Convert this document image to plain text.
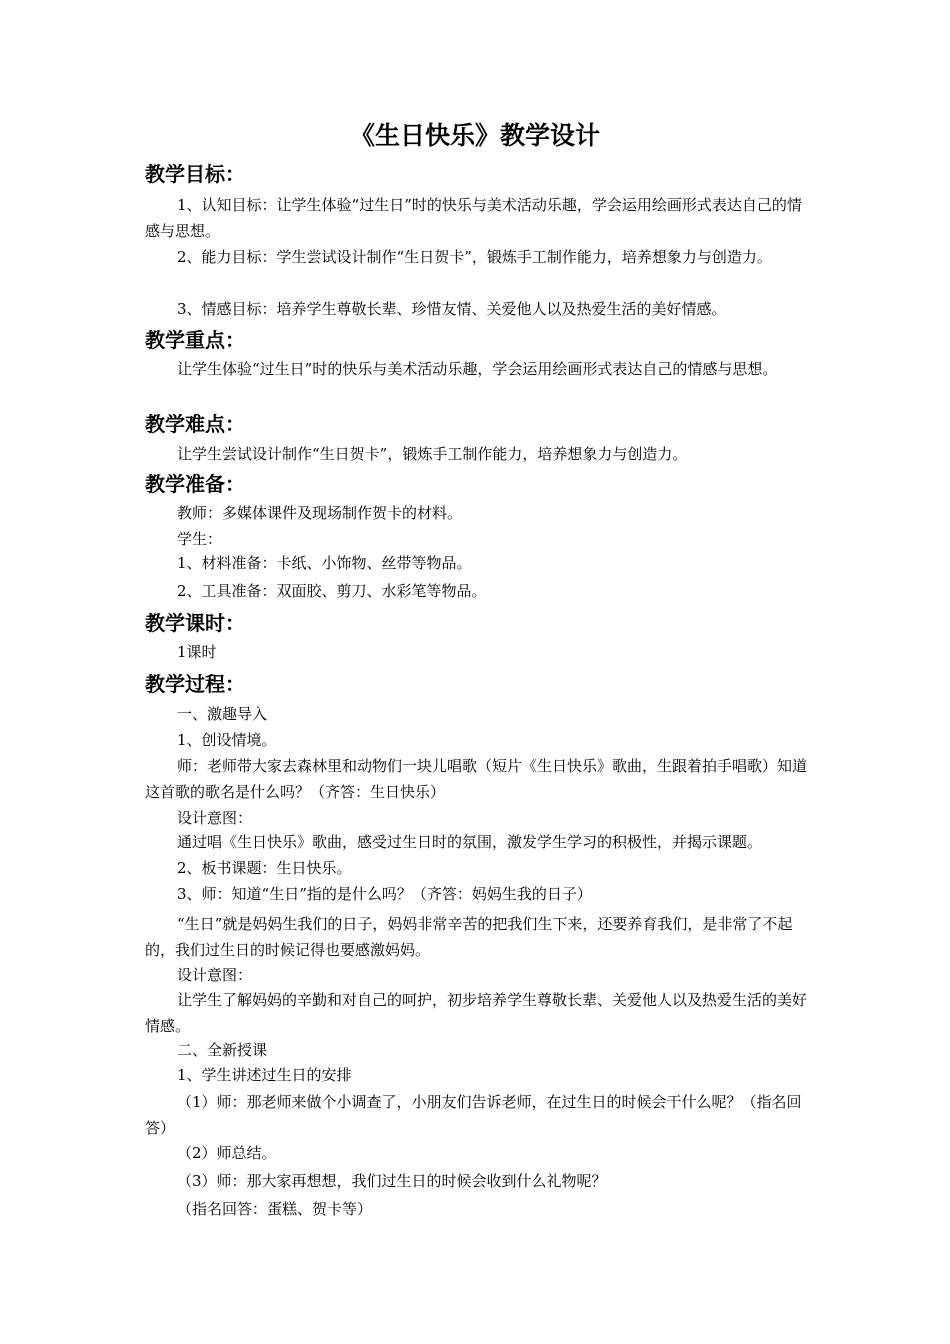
《生日快乐》教学设计
教学目标：
1、认知目标：让学生体验“过生日”时的快乐与美术活动乐趣，学会运用绘画形式表达自己的情感与思想。
2、能力目标：学生尝试设计制作“生日贺卡”，锻炼手工制作能力，培养想象力与创造力。
3、情感目标：培养学生尊敬长辈、珍惜友情、关爱他人以及热爱生活的美好情感。
教学重点：
让学生体验“过生日”时的快乐与美术活动乐趣，学会运用绘画形式表达自己的情感与思想。
教学难点：
让学生尝试设计制作“生日贺卡”，锻炼手工制作能力，培养想象力与创造力。
教学准备：
教师：多媒体课件及现场制作贺卡的材料。
学生：
1、材料准备：卡纸、小饰物、丝带等物品。
2、工具准备：双面胶、剪刀、水彩笔等物品。
教学课时：
1课时
教学过程：
一、激趣导入
1、创设情境。
师：老师带大家去森林里和动物们一块儿唱歌（短片《生日快乐》歌曲，生跟着拍手唱歌）知道这首歌的歌名是什么吗？（齐答：生日快乐）
设计意图：
通过唱《生日快乐》歌曲，感受过生日时的氛围，激发学生学习的积极性，并揭示课题。
2、板书课题：生日快乐。
3、师：知道“生日”指的是什么吗？（齐答：妈妈生我的日子）
“生日”就是妈妈生我们的日子，妈妈非常辛苦的把我们生下来，还要养育我们，是非常了不起的，我们过生日的时候记得也要感激妈妈。
设计意图：
让学生了解妈妈的辛勤和对自己的呵护，初步培养学生尊敬长辈、关爱他人以及热爱生活的美好情感。
二、全新授课
1、学生讲述过生日的安排
（1）师：那老师来做个小调查了，小朋友们告诉老师，在过生日的时候会干什么呢？（指名回答）
（2）师总结。
（3）师：那大家再想想，我们过生日的时候会收到什么礼物呢？
（指名回答：蛋糕、贺卡等）
